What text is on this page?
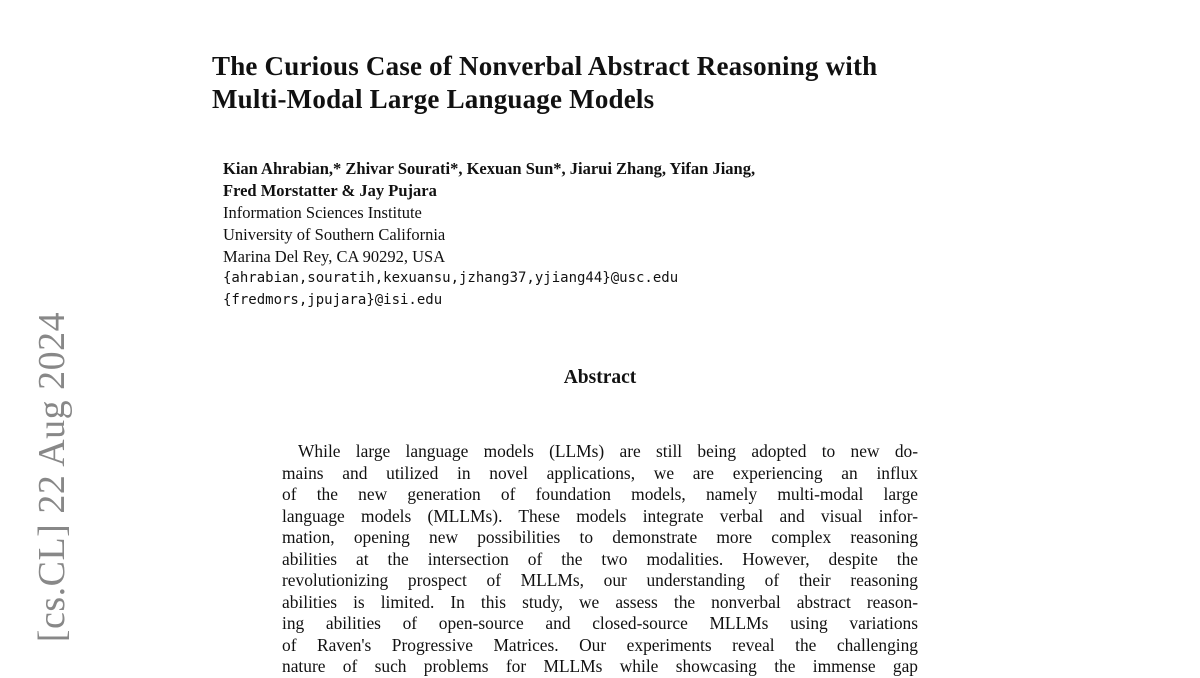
[cs.CL] 22 Aug 2024
The Curious Case of Nonverbal Abstract Reasoning with
Multi-Modal Large Language Models
Kian Ahrabian,* Zhivar Sourati*, Kexuan Sun*, Jiarui Zhang, Yifan Jiang,
Fred Morstatter & Jay Pujara
Information Sciences Institute
University of Southern California
Marina Del Rey, CA 90292, USA
{ahrabian,souratih,kexuansu,jzhang37,yjiang44}@usc.edu
{fredmors,jpujara}@isi.edu
Abstract
While large language models (LLMs) are still being adopted to new do-
mains and utilized in novel applications, we are experiencing an influx
of the new generation of foundation models, namely multi-modal large
language models (MLLMs). These models integrate verbal and visual infor-
mation, opening new possibilities to demonstrate more complex reasoning
abilities at the intersection of the two modalities. However, despite the
revolutionizing prospect of MLLMs, our understanding of their reasoning
abilities is limited. In this study, we assess the nonverbal abstract reason-
ing abilities of open-source and closed-source MLLMs using variations
of Raven's Progressive Matrices. Our experiments reveal the challenging
nature of such problems for MLLMs while showcasing the immense gap
